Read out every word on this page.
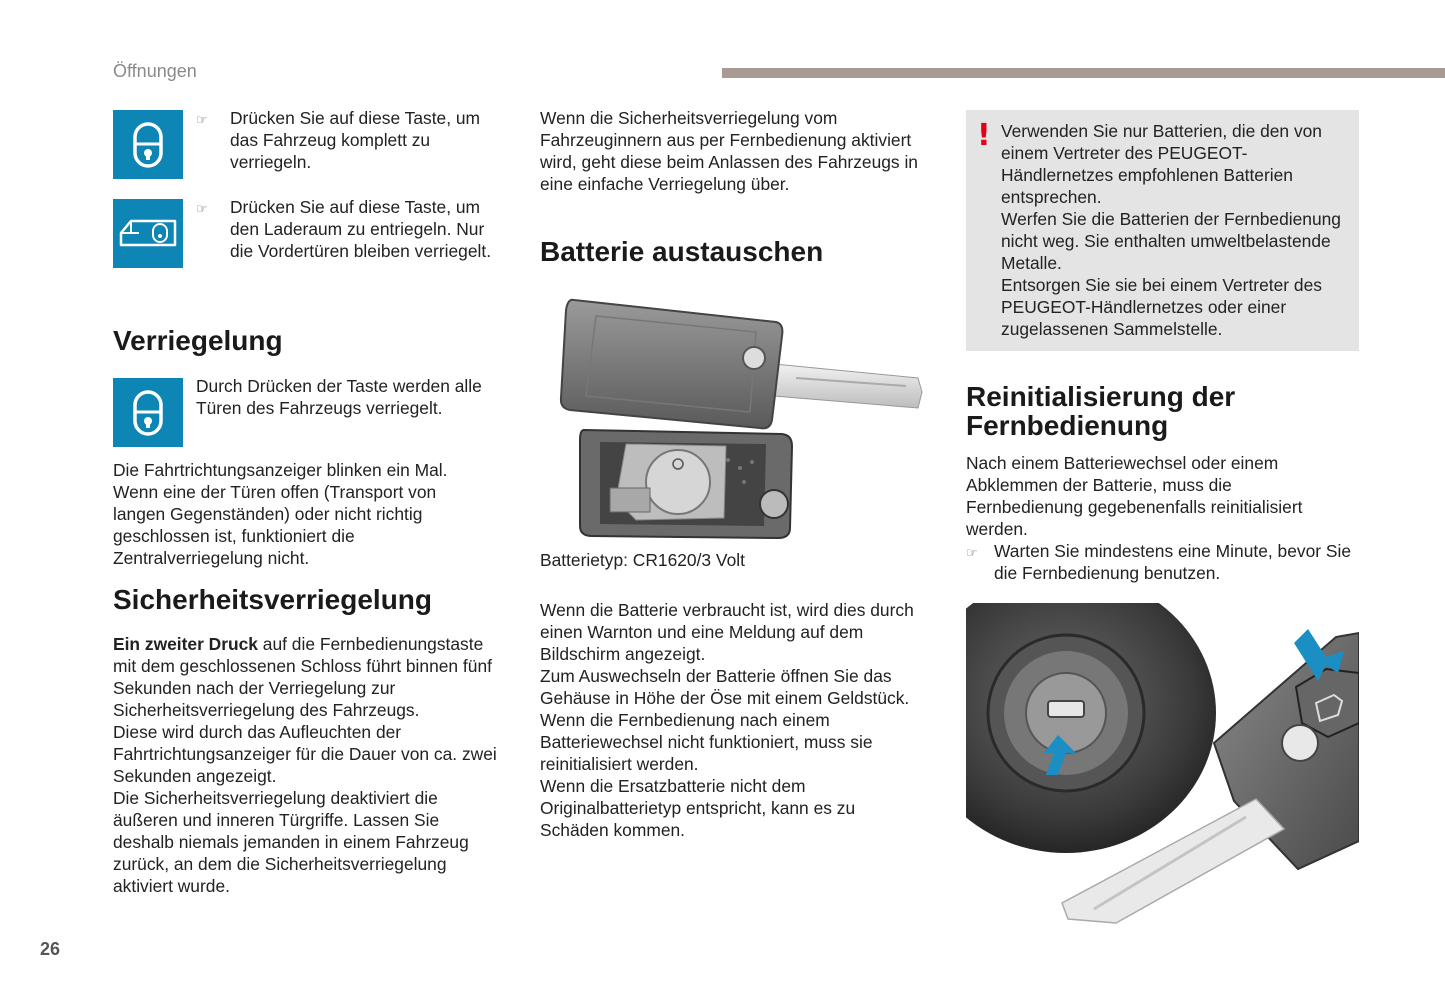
Öffnungen
26
☞	Drücken Sie auf diese Taste, um das Fahrzeug komplett zu verriegeln.
☞	Drücken Sie auf diese Taste, um den Laderaum zu entriegeln. Nur die Vordertüren bleiben verriegelt.
Verriegelung
Durch Drücken der Taste werden alle Türen des Fahrzeugs verriegelt.
Die Fahrtrichtungsanzeiger blinken ein Mal. Wenn eine der Türen offen (Transport von langen Gegenständen) oder nicht richtig geschlossen ist, funktioniert die Zentralverriegelung nicht.
Sicherheitsverriegelung

Ein zweiter Druck auf die Fernbedienungstaste mit dem geschlossenen Schloss führt binnen fünf Sekunden nach der Verriegelung zur Sicherheitsverriegelung des Fahrzeugs.

Diese wird durch das Aufleuchten der Fahrtrichtungsanzeiger für die Dauer von ca. zwei Sekunden angezeigt.

Die Sicherheitsverriegelung deaktiviert die äußeren und inneren Türgriffe. Lassen Sie deshalb niemals jemanden in einem Fahrzeug zurück, an dem die Sicherheitsverriegelung aktiviert wurde.

Wenn die Sicherheitsverriegelung vom Fahrzeuginnern aus per Fernbedienung aktiviert wird, geht diese beim Anlassen des Fahrzeugs in eine einfache Verriegelung über.
Batterie austauschen
Batterietyp: CR1620/3 Volt

Wenn die Batterie verbraucht ist, wird dies durch einen Warnton und eine Meldung auf dem Bildschirm angezeigt.

Zum Auswechseln der Batterie öffnen Sie das Gehäuse in Höhe der Öse mit einem Geldstück.

Wenn die Fernbedienung nach einem Batteriewechsel nicht funktioniert, muss sie reinitialisiert werden.

Wenn die Ersatzbatterie nicht dem Originalbatterietyp entspricht, kann es zu Schäden kommen.

Verwenden Sie nur Batterien, die den von einem Vertreter des PEUGEOT-Händlernetzes empfohlenen Batterien entsprechen.

Werfen Sie die Batterien der Fernbedienung nicht weg. Sie enthalten umweltbelastende Metalle.

Entsorgen Sie sie bei einem Vertreter des PEUGEOT-Händlernetzes oder einer zugelassenen Sammelstelle.

!
Reinitialisierung der
Fernbedienung
Nach einem Batteriewechsel oder einem Abklemmen der Batterie, muss die Fernbedienung gegebenenfalls reinitialisiert werden.
☞ Warten Sie mindestens eine Minute, bevor Sie die Fernbedienung benutzen.
